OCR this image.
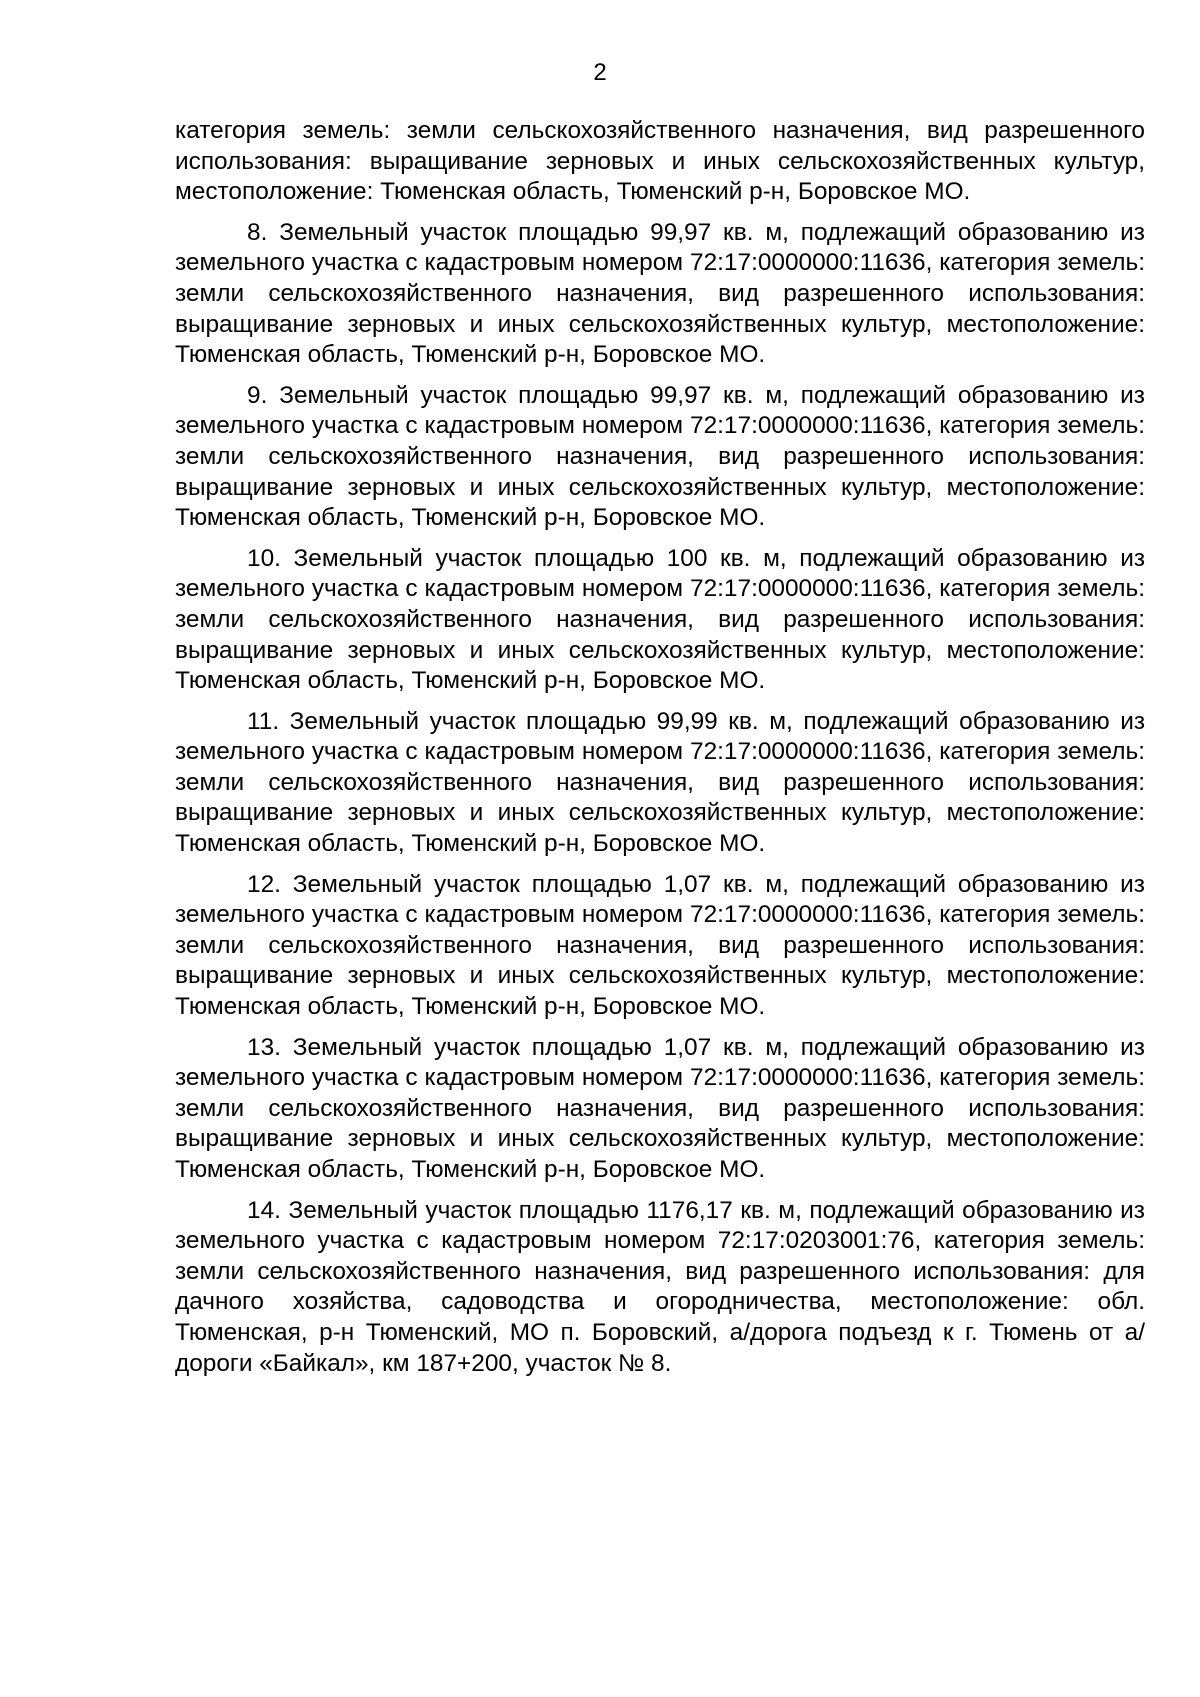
2

категория земель: земли сельскохозяйственного назначения, вид разрешенного использования: выращивание зерновых и иных сельскохозяйственных культур, местоположение: Тюменская область, Тюменский р-н, Боровское МО.

8. Земельный участок площадью 99,97 кв. м, подлежащий образованию из земельного участка с кадастровым номером 72:17:0000000:11636, категория земель: земли сельскохозяйственного назначения, вид разрешенного использования: выращивание зерновых и иных сельскохозяйственных культур, местоположение: Тюменская область, Тюменский р-н, Боровское МО.

9. Земельный участок площадью 99,97 кв. м, подлежащий образованию из земельного участка с кадастровым номером 72:17:0000000:11636, категория земель: земли сельскохозяйственного назначения, вид разрешенного использования: выращивание зерновых и иных сельскохозяйственных культур, местоположение: Тюменская область, Тюменский р-н, Боровское МО.

10. Земельный участок площадью 100 кв. м, подлежащий образованию из земельного участка с кадастровым номером 72:17:0000000:11636, категория земель: земли сельскохозяйственного назначения, вид разрешенного использования: выращивание зерновых и иных сельскохозяйственных культур, местоположение: Тюменская область, Тюменский р-н, Боровское МО.

11. Земельный участок площадью 99,99 кв. м, подлежащий образованию из земельного участка с кадастровым номером 72:17:0000000:11636, категория земель: земли сельскохозяйственного назначения, вид разрешенного использования: выращивание зерновых и иных сельскохозяйственных культур, местоположение: Тюменская область, Тюменский р-н, Боровское МО.

12. Земельный участок площадью 1,07 кв. м, подлежащий образованию из земельного участка с кадастровым номером 72:17:0000000:11636, категория земель: земли сельскохозяйственного назначения, вид разрешенного использования: выращивание зерновых и иных сельскохозяйственных культур, местоположение: Тюменская область, Тюменский р-н, Боровское МО.

13. Земельный участок площадью 1,07 кв. м, подлежащий образованию из земельного участка с кадастровым номером 72:17:0000000:11636, категория земель: земли сельскохозяйственного назначения, вид разрешенного использования: выращивание зерновых и иных сельскохозяйственных культур, местоположение: Тюменская область, Тюменский р-н, Боровское МО.

14. Земельный участок площадью 1176,17 кв. м, подлежащий образованию из земельного участка с кадастровым номером 72:17:0203001:76, категория земель: земли сельскохозяйственного назначения, вид разрешенного использования: для дачного хозяйства, садоводства и огородничества, местоположение: обл. Тюменская, р-н Тюменский, МО п. Боровский, а/дорога подъезд к г. Тюмень от а/дороги «Байкал», км 187+200, участок № 8.
